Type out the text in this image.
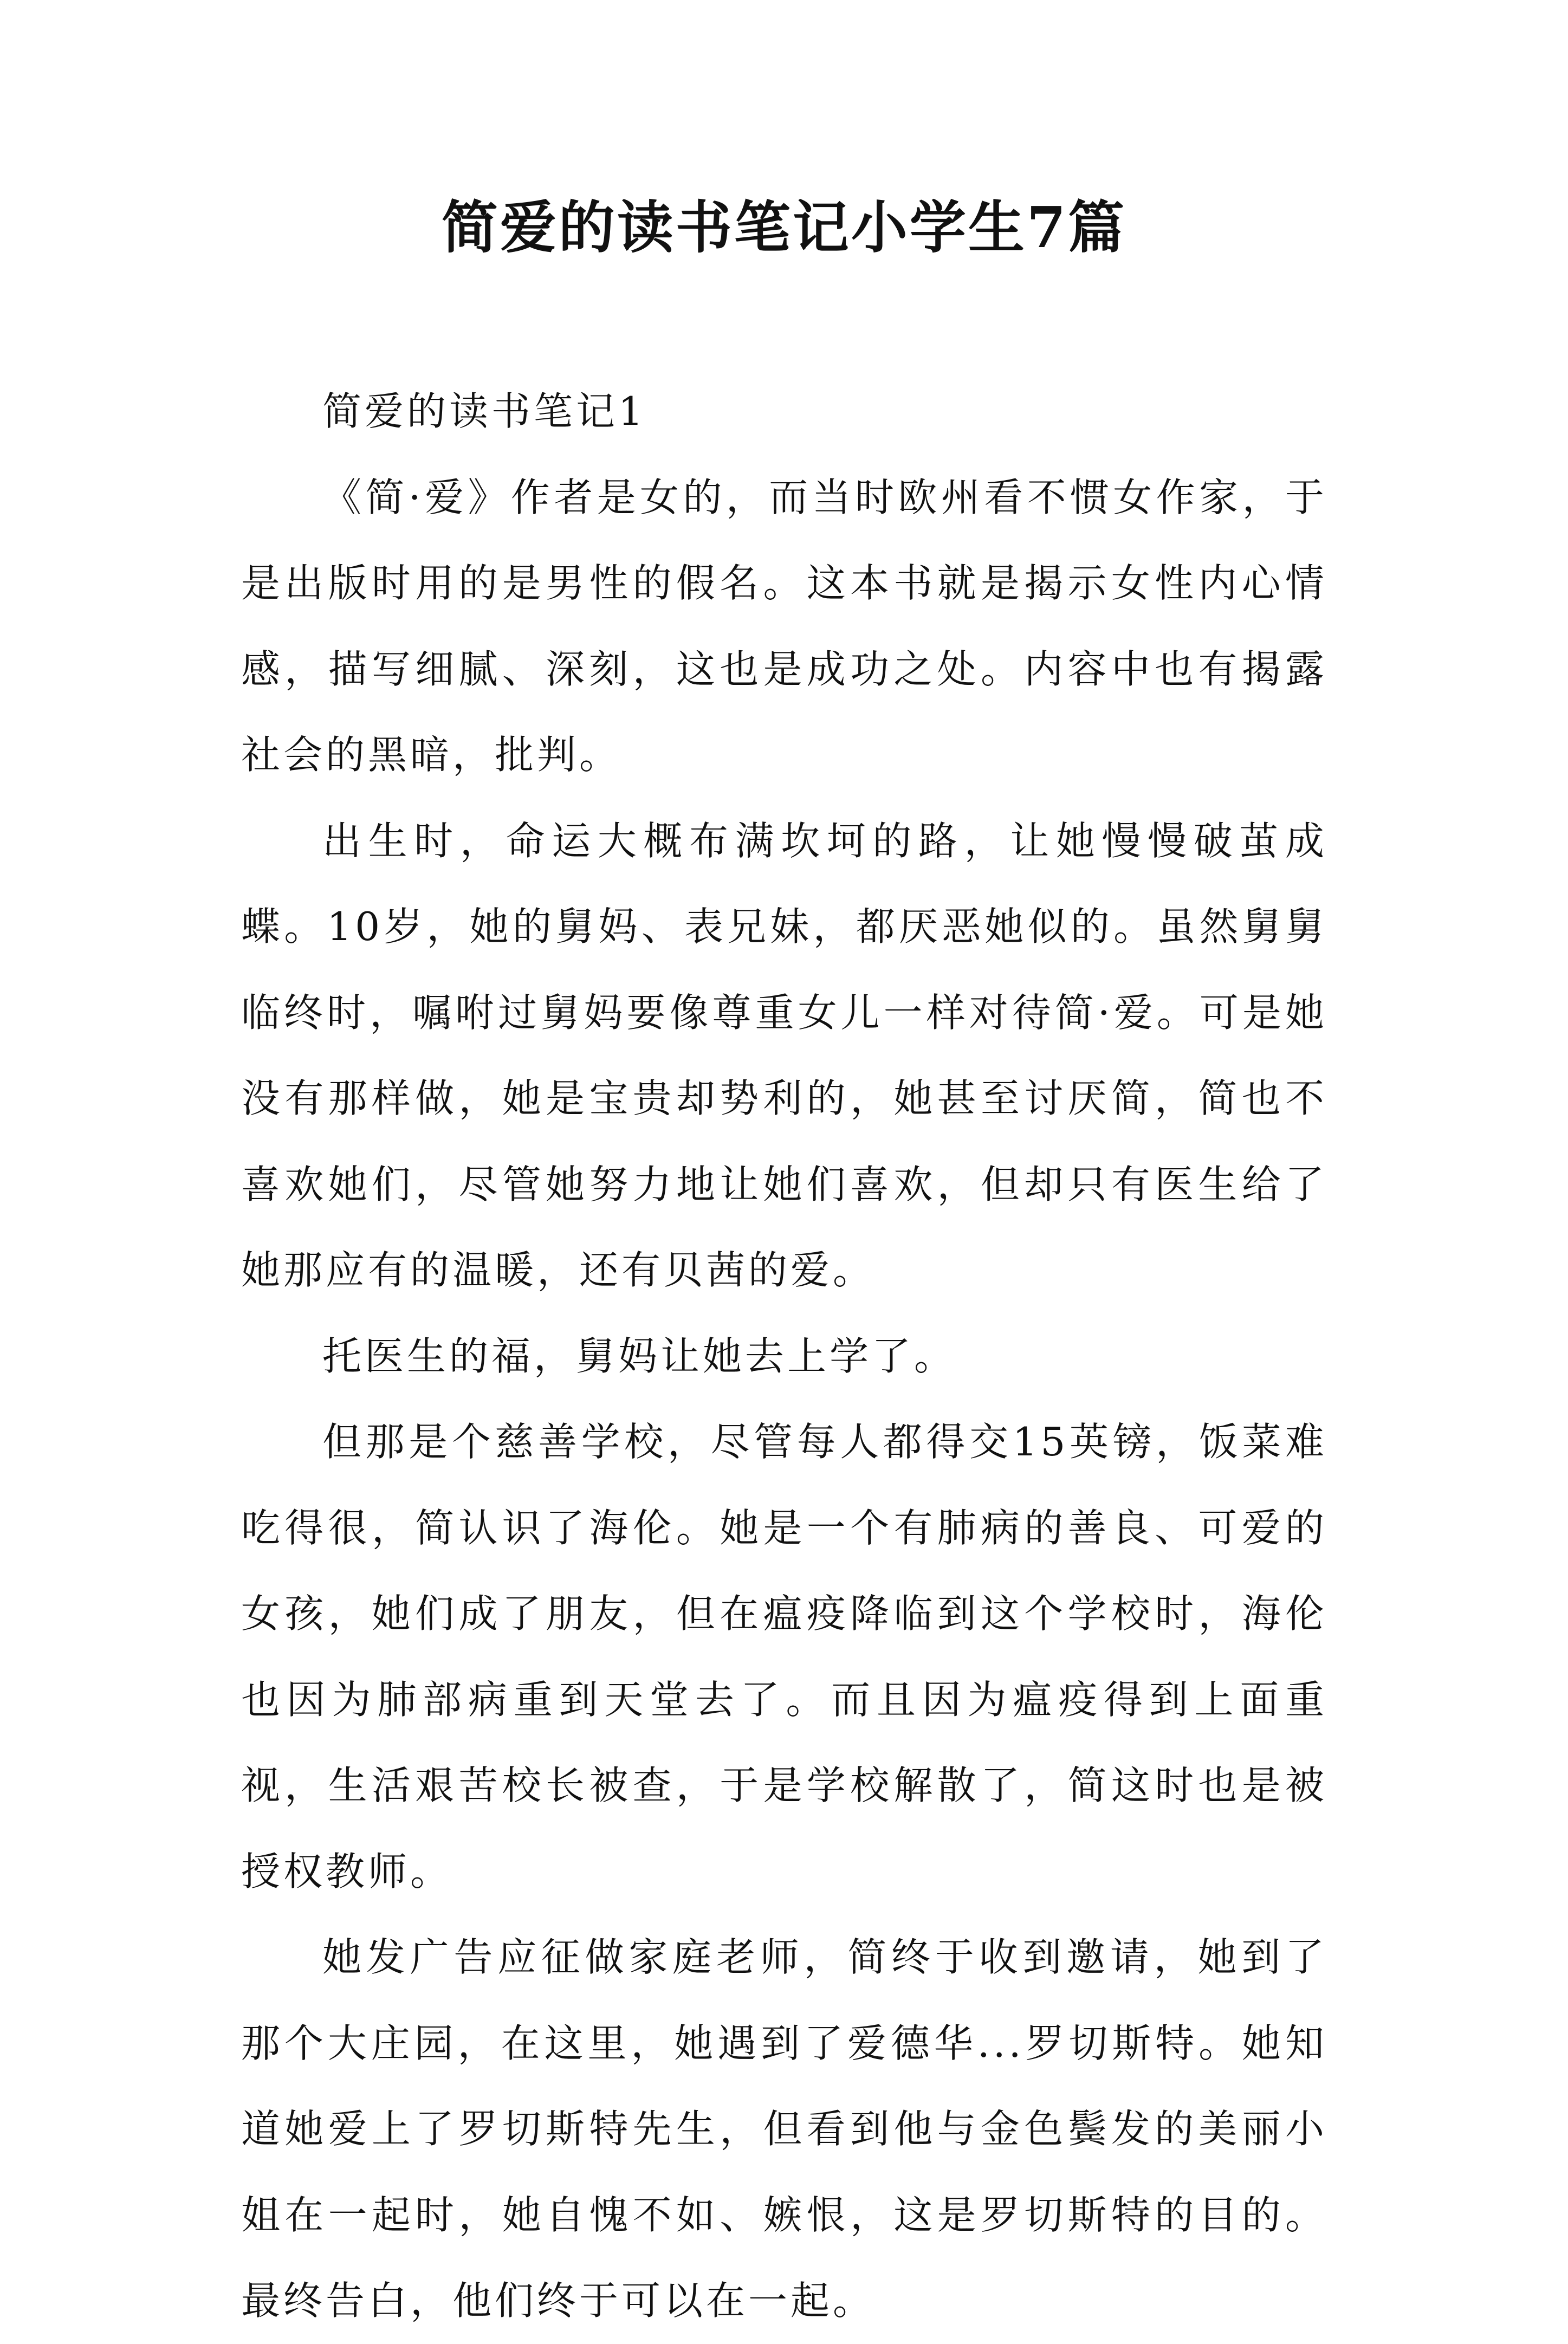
简爱的读书笔记小学生7篇

简爱的读书笔记1

《简·爱》作者是女的，而当时欧州看不惯女作家，于是出版时用的是男性的假名。这本书就是揭示女性内心情感，描写细腻、深刻，这也是成功之处。内容中也有揭露社会的黑暗，批判。

出生时，命运大概布满坎坷的路，让她慢慢破茧成蝶。10岁，她的舅妈、表兄妹，都厌恶她似的。虽然舅舅临终时，嘱咐过舅妈要像尊重女儿一样对待简·爱。可是她没有那样做，她是宝贵却势利的，她甚至讨厌简，简也不喜欢她们，尽管她努力地让她们喜欢，但却只有医生给了她那应有的温暖，还有贝茜的爱。

托医生的福，舅妈让她去上学了。

但那是个慈善学校，尽管每人都得交15英镑，饭菜难吃得很，简认识了海伦。她是一个有肺病的善良、可爱的女孩，她们成了朋友，但在瘟疫降临到这个学校时，海伦也因为肺部病重到天堂去了。而且因为瘟疫得到上面重视，生活艰苦校长被查，于是学校解散了，简这时也是被授权教师。

她发广告应征做家庭老师，简终于收到邀请，她到了那个大庄园，在这里，她遇到了爱德华...罗切斯特。她知道她爱上了罗切斯特先生，但看到他与金色鬓发的美丽小姐在一起时，她自愧不如、嫉恨，这是罗切斯特的目的。最终告白，他们终于可以在一起。
